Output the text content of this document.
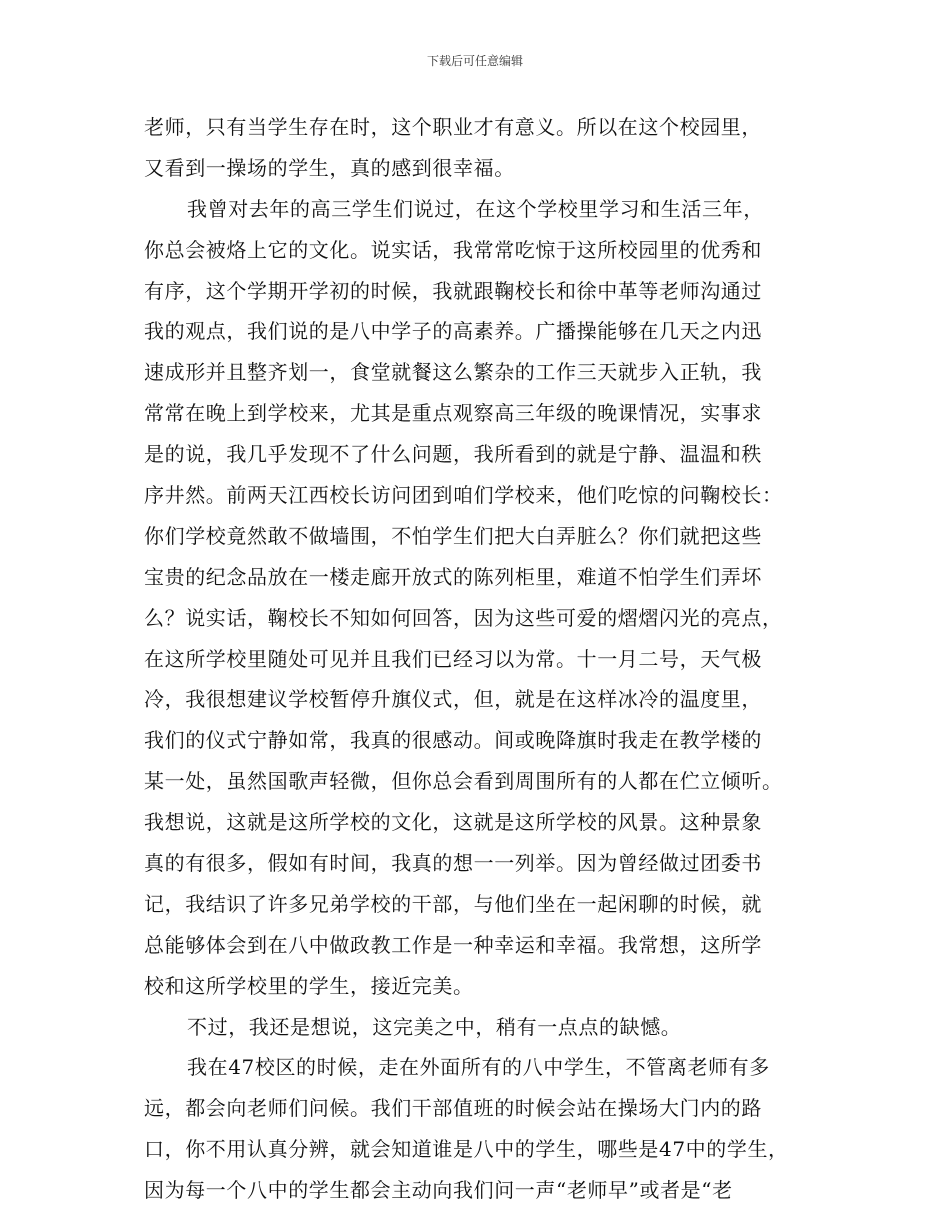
下载后可任意编辑
老师，只有当学生存在时，这个职业才有意义。所以在这个校园里，
又看到一操场的学生，真的感到很幸福。
我曾对去年的高三学生们说过，在这个学校里学习和生活三年，
你总会被烙上它的文化。说实话，我常常吃惊于这所校园里的优秀和
有序，这个学期开学初的时候，我就跟鞠校长和徐中革等老师沟通过
我的观点，我们说的是八中学子的高素养。广播操能够在几天之内迅
速成形并且整齐划一，食堂就餐这么繁杂的工作三天就步入正轨，我
常常在晚上到学校来，尤其是重点观察高三年级的晚课情况，实事求
是的说，我几乎发现不了什么问题，我所看到的就是宁静、温温和秩
序井然。前两天江西校长访问团到咱们学校来，他们吃惊的问鞠校长：
你们学校竟然敢不做墙围，不怕学生们把大白弄脏么？你们就把这些
宝贵的纪念品放在一楼走廊开放式的陈列柜里，难道不怕学生们弄坏
么？说实话，鞠校长不知如何回答，因为这些可爱的熠熠闪光的亮点，
在这所学校里随处可见并且我们已经习以为常。十一月二号，天气极
冷，我很想建议学校暂停升旗仪式，但，就是在这样冰冷的温度里，
我们的仪式宁静如常，我真的很感动。间或晚降旗时我走在教学楼的
某一处，虽然国歌声轻微，但你总会看到周围所有的人都在伫立倾听。
我想说，这就是这所学校的文化，这就是这所学校的风景。这种景象
真的有很多，假如有时间，我真的想一一列举。因为曾经做过团委书
记，我结识了许多兄弟学校的干部，与他们坐在一起闲聊的时候，就
总能够体会到在八中做政教工作是一种幸运和幸福。我常想，这所学
校和这所学校里的学生，接近完美。
不过，我还是想说，这完美之中，稍有一点点的缺憾。
我在47校区的时候，走在外面所有的八中学生，不管离老师有多
远，都会向老师们问候。我们干部值班的时候会站在操场大门内的路
口，你不用认真分辨，就会知道谁是八中的学生，哪些是47中的学生，
因为每一个八中的学生都会主动向我们问一声“老师早”或者是“老
